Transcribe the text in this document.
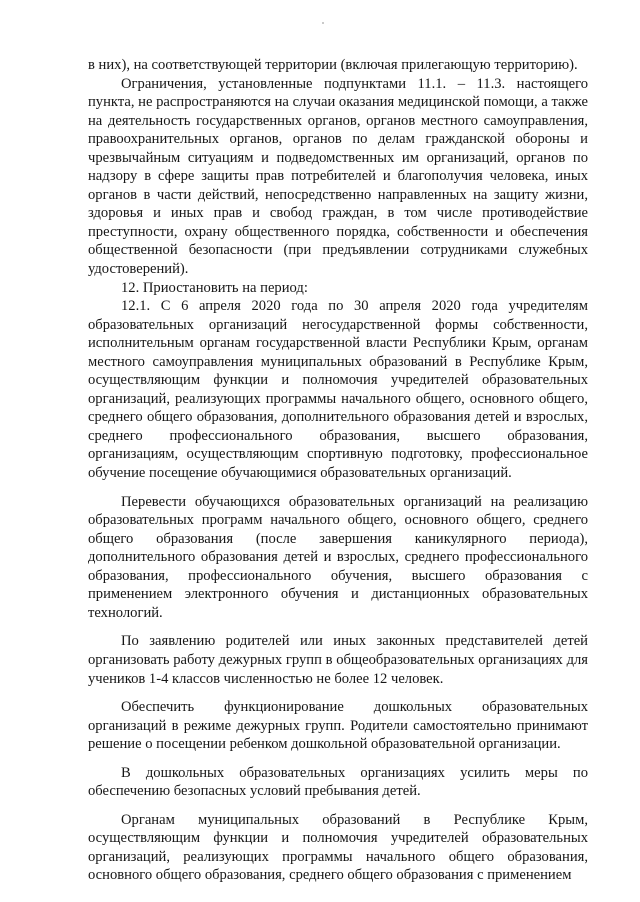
в них), на соответствующей территории (включая прилегающую территорию).

Ограничения, установленные подпунктами 11.1. – 11.3. настоящего пункта, не распространяются на случаи оказания медицинской помощи, а также на деятельность государственных органов, органов местного самоуправления, правоохранительных органов, органов по делам гражданской обороны и чрезвычайным ситуациям и подведомственных им организаций, органов по надзору в сфере защиты прав потребителей и благополучия человека, иных органов в части действий, непосредственно направленных на защиту жизни, здоровья и иных прав и свобод граждан, в том числе противодействие преступности, охрану общественного порядка, собственности и обеспечения общественной безопасности (при предъявлении сотрудниками служебных удостоверений).

12. Приостановить на период:

12.1. С 6 апреля 2020 года по 30 апреля 2020 года учредителям образовательных организаций негосударственной формы собственности, исполнительным органам государственной власти Республики Крым, органам местного самоуправления муниципальных образований в Республике Крым, осуществляющим функции и полномочия учредителей образовательных организаций, реализующих программы начального общего, основного общего, среднего общего образования, дополнительного образования детей и взрослых, среднего профессионального образования, высшего образования, организациям, осуществляющим спортивную подготовку, профессиональное обучение посещение обучающимися образовательных организаций.

Перевести обучающихся образовательных организаций на реализацию образовательных программ начального общего, основного общего, среднего общего образования (после завершения каникулярного периода), дополнительного образования детей и взрослых, среднего профессионального образования, профессионального обучения, высшего образования с применением электронного обучения и дистанционных образовательных технологий.

По заявлению родителей или иных законных представителей детей организовать работу дежурных групп в общеобразовательных организациях для учеников 1-4 классов численностью не более 12 человек.

Обеспечить функционирование дошкольных образовательных организаций в режиме дежурных групп. Родители самостоятельно принимают решение о посещении ребенком дошкольной образовательной организации.

В дошкольных образовательных организациях усилить меры по обеспечению безопасных условий пребывания детей.

Органам муниципальных образований в Республике Крым, осуществляющим функции и полномочия учредителей образовательных организаций, реализующих программы начального общего образования, основного общего образования, среднего общего образования с применением
